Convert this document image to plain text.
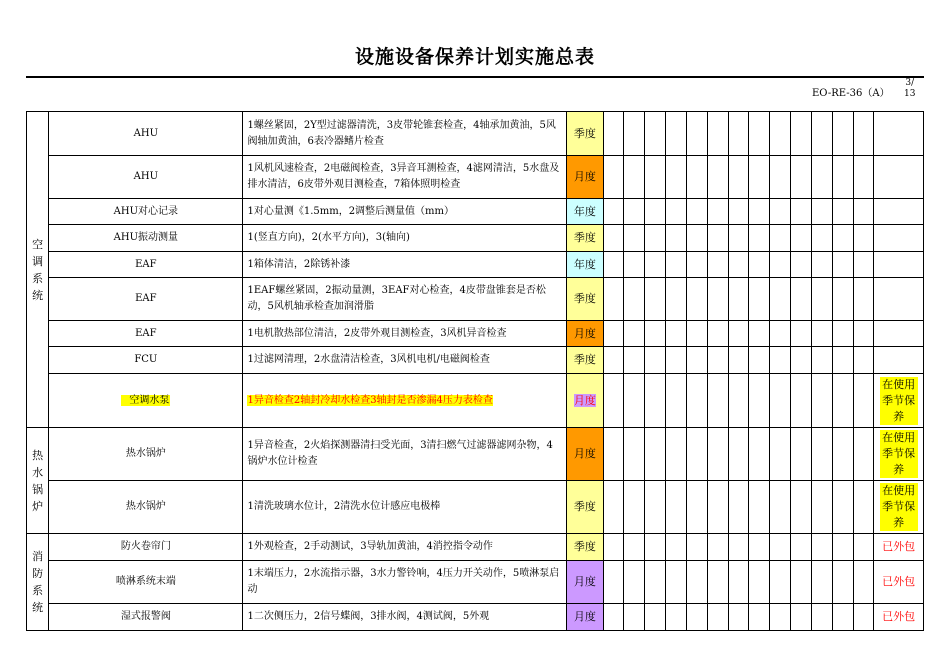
设施设备保养计划实施总表
EO-RE-36（A）
3/
13
空
调
系
统	AHU	1螺丝紧固，2Y型过滤器清洗，3皮带轮锥套检查，4轴承加黄油，5风阀轴加黄油，6表冷器鳍片检查	季度														
	AHU	1风机风速检查，2电磁阀检查，3异音耳测检查，4滤网清洁，5水盘及排水清洁，6皮带外观目测检查，7箱体照明检查	月度														
	AHU对心记录	1对心量测《1.5mm，2调整后测量值（mm）	年度														
	AHU振动测量	1(竖直方向)，2(水平方向)，3(轴向)	季度														
	EAF	1箱体清洁，2除锈补漆	年度														
	EAF	1EAF螺丝紧固，2振动量测，3EAF对心检查，4皮带盘锥套是否松动，5风机轴承检查加润滑脂	季度														
	EAF	1电机散热部位清洁，2皮带外观目测检查，3风机异音检查	月度														
	FCU	1过滤网清理，2水盘清洁检查，3风机电机/电磁阀检查	季度														
	空调水泵	1异音检查2轴封冷却水检查3轴封是否渗漏4压力表检查	月度														在使用季节保养
热
水
锅
炉	热水锅炉	1异音检查，2火焰探测器清扫受光面，3清扫燃气过滤器滤网杂物，4锅炉水位计检查	月度														在使用季节保养
	热水锅炉	1清洗玻璃水位计，2清洗水位计感应电极棒	季度														在使用季节保养
消
防
系
统	防火卷帘门	1外观检查，2手动测试，3导轨加黄油，4消控指令动作	季度														已外包
	喷淋系统末端	1末端压力，2水流指示器，3水力警铃响，4压力开关动作，5喷淋泵启动	月度														已外包
	湿式报警阀	1二次侧压力，2信号蝶阀，3排水阀，4测试阀，5外观	月度														已外包
